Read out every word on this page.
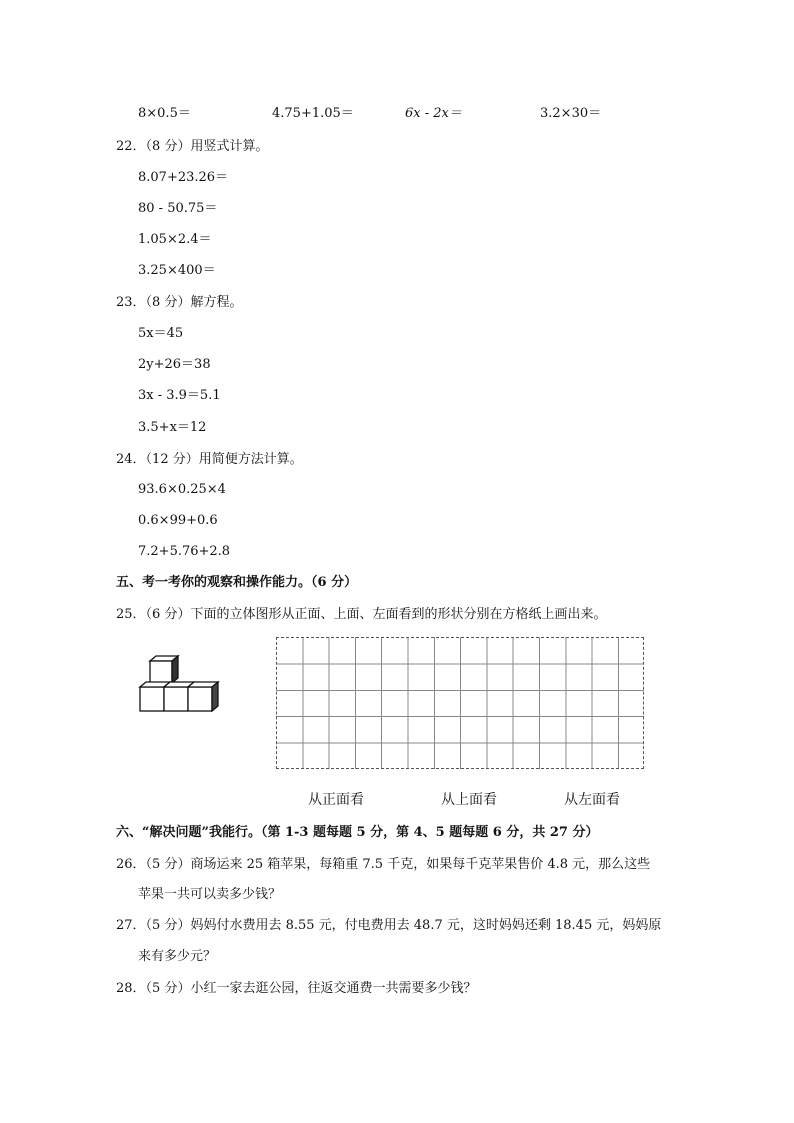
8×0.5＝	4.75+1.05＝	6x - 2x＝	3.2×30＝
22．（8 分）用竖式计算。
8.07+23.26＝
80 - 50.75＝
1.05×2.4＝
3.25×400＝
23．（8 分）解方程。
5x＝45
2y+26＝38
3x - 3.9＝5.1
3.5+x＝12
24．（12 分）用简便方法计算。
93.6×0.25×4
0.6×99+0.6
7.2+5.76+2.8
五、考一考你的观察和操作能力。（6 分）
25．（6 分）下面的立体图形从正面、上面、左面看到的形状分别在方格纸上画出来。
从正面看	从上面看	从左面看
六、“解决问题”我能行。（第 1-3 题每题 5 分，第 4、5 题每题 6 分，共 27 分）
26．（5 分）商场运来 25 箱苹果，每箱重 7.5 千克，如果每千克苹果售价 4.8 元，那么这些
苹果一共可以卖多少钱？
27．（5 分）妈妈付水费用去 8.55 元，付电费用去 48.7 元，这时妈妈还剩 18.45 元，妈妈原
来有多少元？
28．（5 分）小红一家去逛公园，往返交通费一共需要多少钱？
